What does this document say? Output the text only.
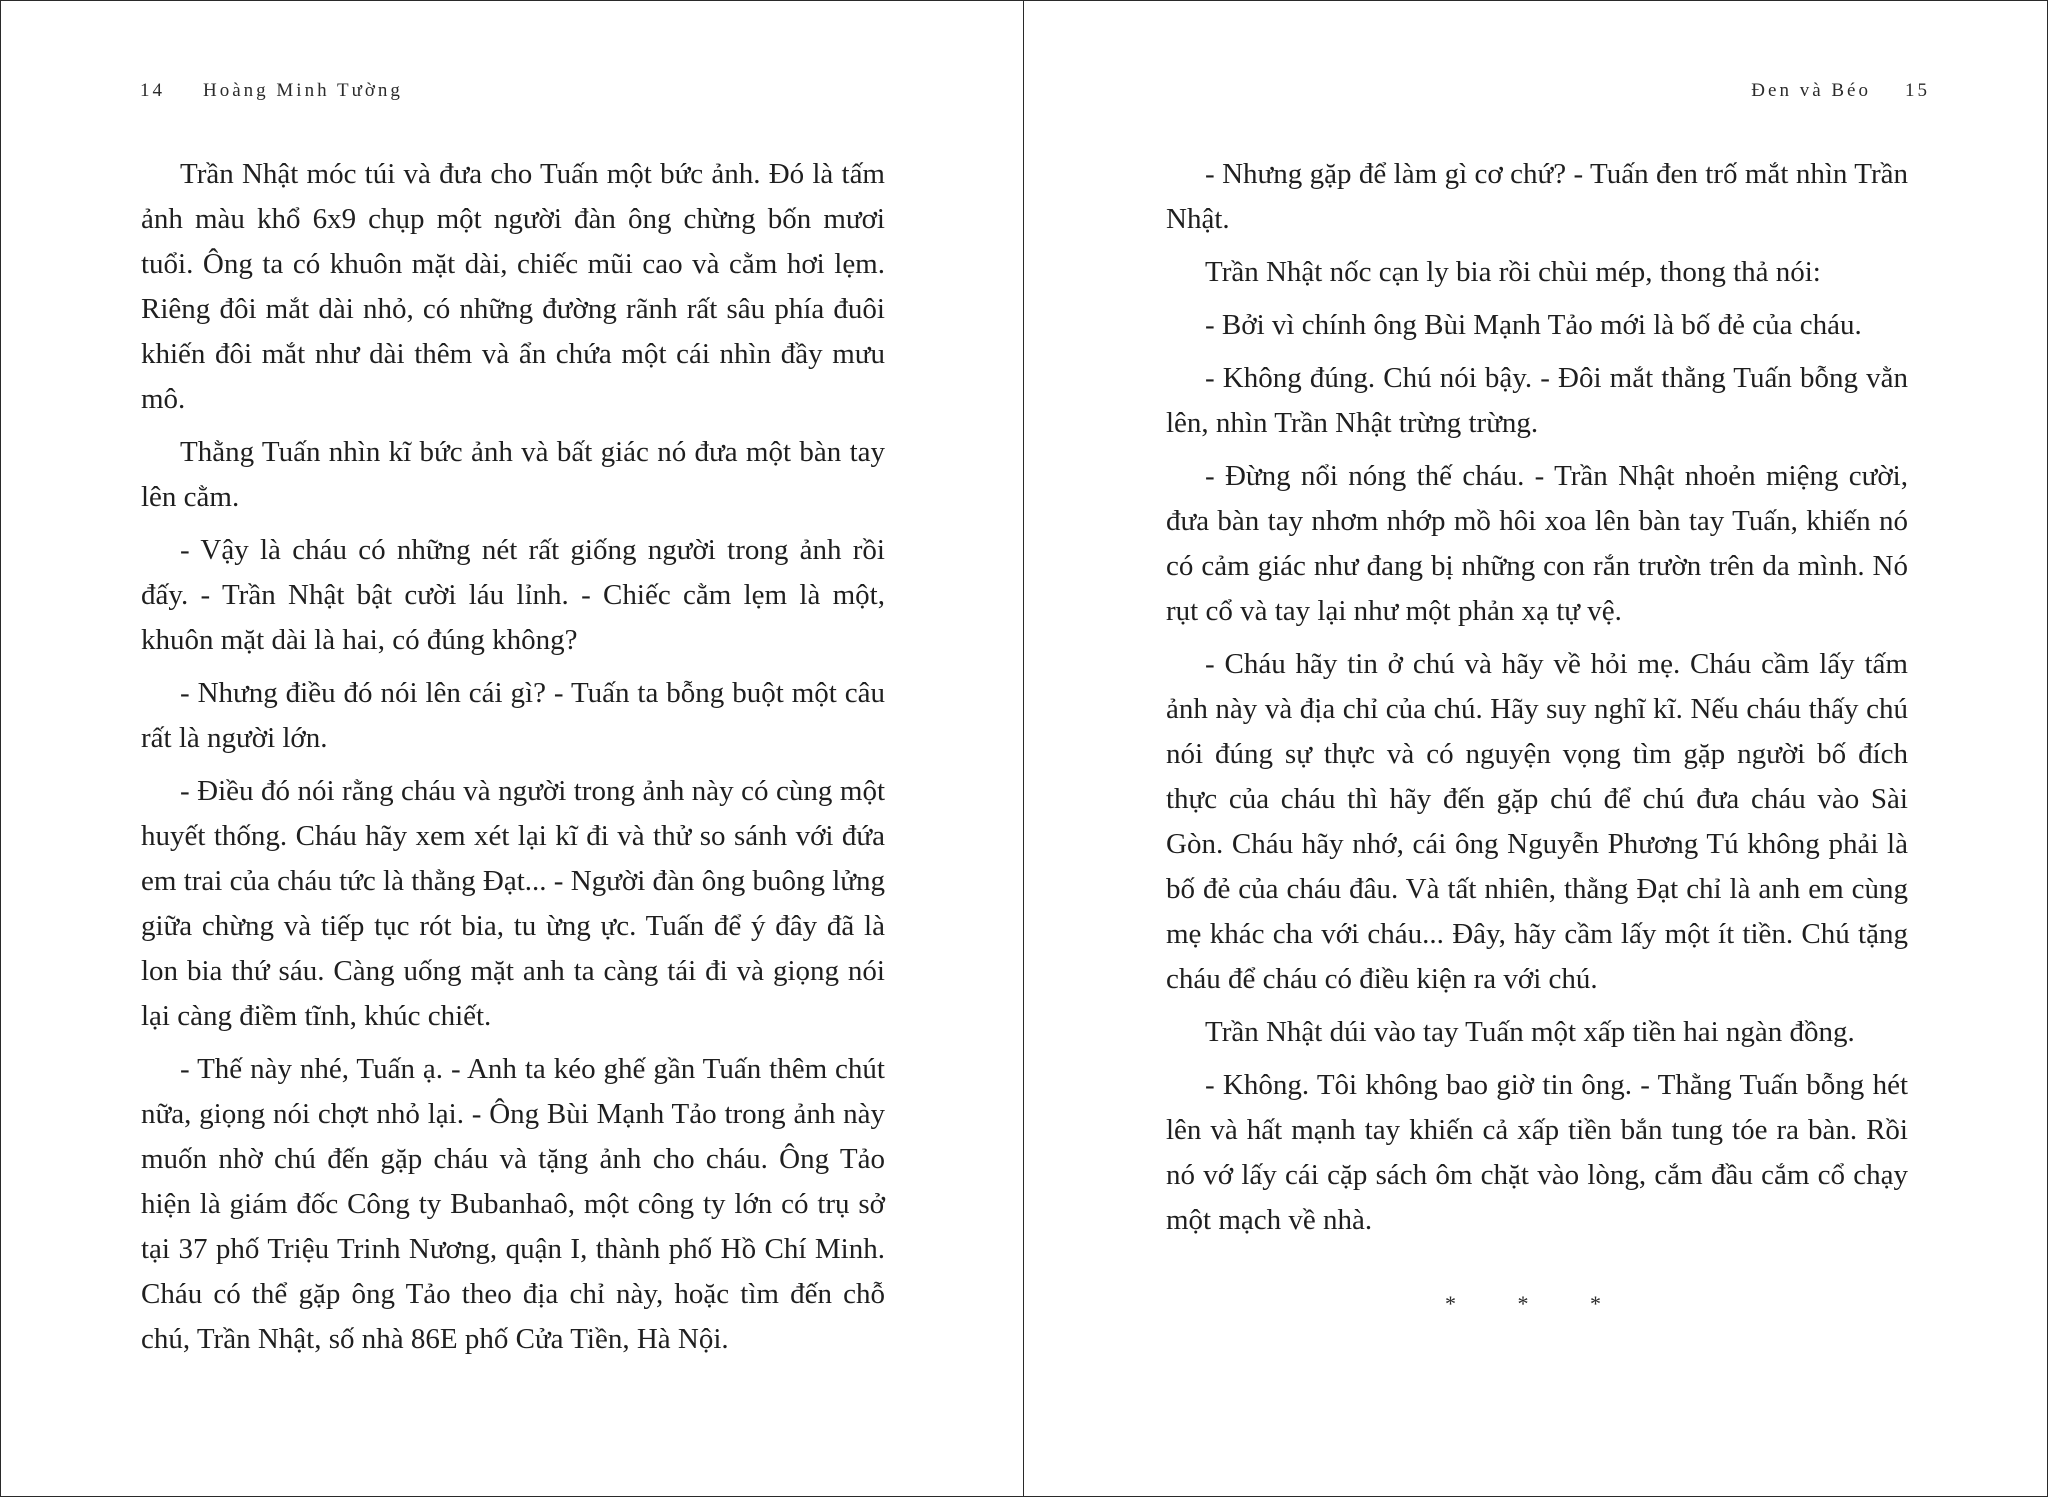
14 Hoàng Minh Tường

Trần Nhật móc túi và đưa cho Tuấn một bức ảnh. Đó là tấm ảnh màu khổ 6x9 chụp một người đàn ông chừng bốn mươi tuổi. Ông ta có khuôn mặt dài, chiếc mũi cao và cằm hơi lẹm. Riêng đôi mắt dài nhỏ, có những đường rãnh rất sâu phía đuôi khiến đôi mắt như dài thêm và ẩn chứa một cái nhìn đầy mưu mô.

Thằng Tuấn nhìn kĩ bức ảnh và bất giác nó đưa một bàn tay lên cằm.

- Vậy là cháu có những nét rất giống người trong ảnh rồi đấy. - Trần Nhật bật cười láu lỉnh. - Chiếc cằm lẹm là một, khuôn mặt dài là hai, có đúng không?

- Nhưng điều đó nói lên cái gì? - Tuấn ta bỗng buột một câu rất là người lớn.

- Điều đó nói rằng cháu và người trong ảnh này có cùng một huyết thống. Cháu hãy xem xét lại kĩ đi và thử so sánh với đứa em trai của cháu tức là thằng Đạt... - Người đàn ông buông lửng giữa chừng và tiếp tục rót bia, tu ừng ực. Tuấn để ý đây đã là lon bia thứ sáu. Càng uống mặt anh ta càng tái đi và giọng nói lại càng điềm tĩnh, khúc chiết.

- Thế này nhé, Tuấn ạ. - Anh ta kéo ghế gần Tuấn thêm chút nữa, giọng nói chợt nhỏ lại. - Ông Bùi Mạnh Tảo trong ảnh này muốn nhờ chú đến gặp cháu và tặng ảnh cho cháu. Ông Tảo hiện là giám đốc Công ty Bubanhaô, một công ty lớn có trụ sở tại 37 phố Triệu Trinh Nương, quận I, thành phố Hồ Chí Minh. Cháu có thể gặp ông Tảo theo địa chỉ này, hoặc tìm đến chỗ chú, Trần Nhật, số nhà 86E phố Cửa Tiền, Hà Nội.

Đen và Béo 15

- Nhưng gặp để làm gì cơ chứ? - Tuấn đen trố mắt nhìn Trần Nhật.

Trần Nhật nốc cạn ly bia rồi chùi mép, thong thả nói:

- Bởi vì chính ông Bùi Mạnh Tảo mới là bố đẻ của cháu.

- Không đúng. Chú nói bậy. - Đôi mắt thằng Tuấn bỗng vằn lên, nhìn Trần Nhật trừng trừng.

- Đừng nổi nóng thế cháu. - Trần Nhật nhoẻn miệng cười, đưa bàn tay nhơm nhớp mồ hôi xoa lên bàn tay Tuấn, khiến nó có cảm giác như đang bị những con rắn trườn trên da mình. Nó rụt cổ và tay lại như một phản xạ tự vệ.

- Cháu hãy tin ở chú và hãy về hỏi mẹ. Cháu cầm lấy tấm ảnh này và địa chỉ của chú. Hãy suy nghĩ kĩ. Nếu cháu thấy chú nói đúng sự thực và có nguyện vọng tìm gặp người bố đích thực của cháu thì hãy đến gặp chú để chú đưa cháu vào Sài Gòn. Cháu hãy nhớ, cái ông Nguyễn Phương Tú không phải là bố đẻ của cháu đâu. Và tất nhiên, thằng Đạt chỉ là anh em cùng mẹ khác cha với cháu... Đây, hãy cầm lấy một ít tiền. Chú tặng cháu để cháu có điều kiện ra với chú.

Trần Nhật dúi vào tay Tuấn một xấp tiền hai ngàn đồng.

- Không. Tôi không bao giờ tin ông. - Thằng Tuấn bỗng hét lên và hất mạnh tay khiến cả xấp tiền bắn tung tóe ra bàn. Rồi nó vớ lấy cái cặp sách ôm chặt vào lòng, cắm đầu cắm cổ chạy một mạch về nhà.

* * *
